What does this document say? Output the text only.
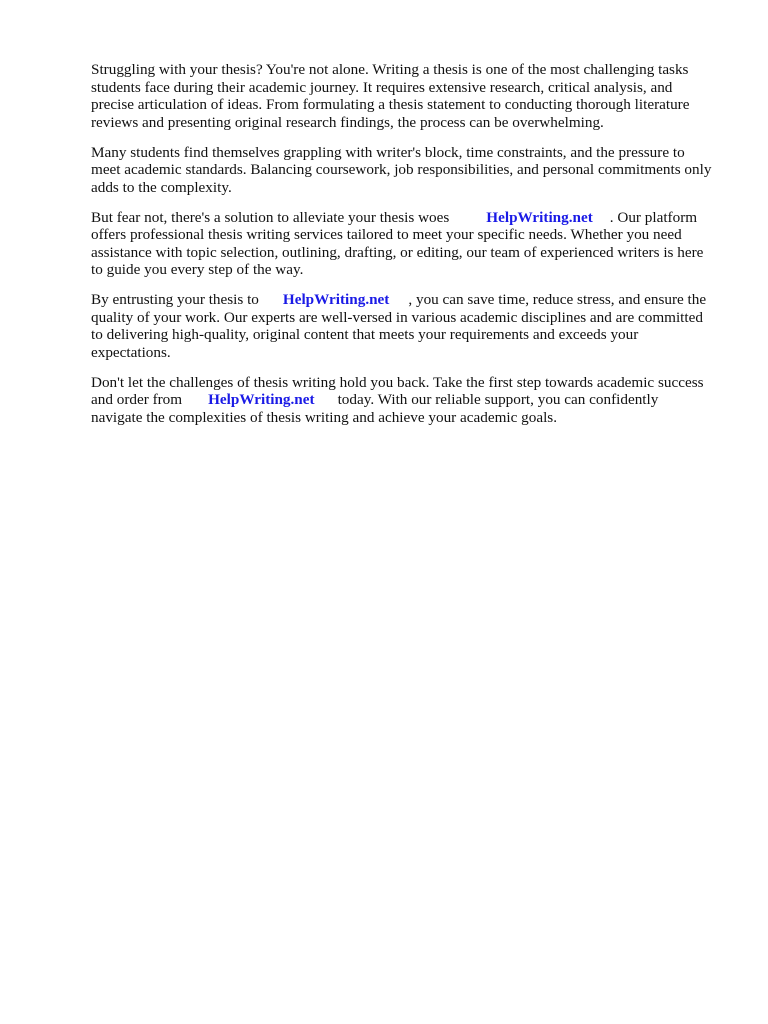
Struggling with your thesis? You're not alone. Writing a thesis is one of the most challenging tasks
students face during their academic journey. It requires extensive research, critical analysis, and
precise articulation of ideas. From formulating a thesis statement to conducting thorough literature
reviews and presenting original research findings, the process can be overwhelming.

Many students find themselves grappling with writer's block, time constraints, and the pressure to
meet academic standards. Balancing coursework, job responsibilities, and personal commitments only
adds to the complexity.

But fear not, there's a solution to alleviate your thesis woes HelpWriting.net . Our platform
offers professional thesis writing services tailored to meet your specific needs. Whether you need
assistance with topic selection, outlining, drafting, or editing, our team of experienced writers is here
to guide you every step of the way.

By entrusting your thesis to HelpWriting.net , you can save time, reduce stress, and ensure the
quality of your work. Our experts are well-versed in various academic disciplines and are committed
to delivering high-quality, original content that meets your requirements and exceeds your
expectations.

Don't let the challenges of thesis writing hold you back. Take the first step towards academic success
and order from HelpWriting.net today. With our reliable support, you can confidently
navigate the complexities of thesis writing and achieve your academic goals.
